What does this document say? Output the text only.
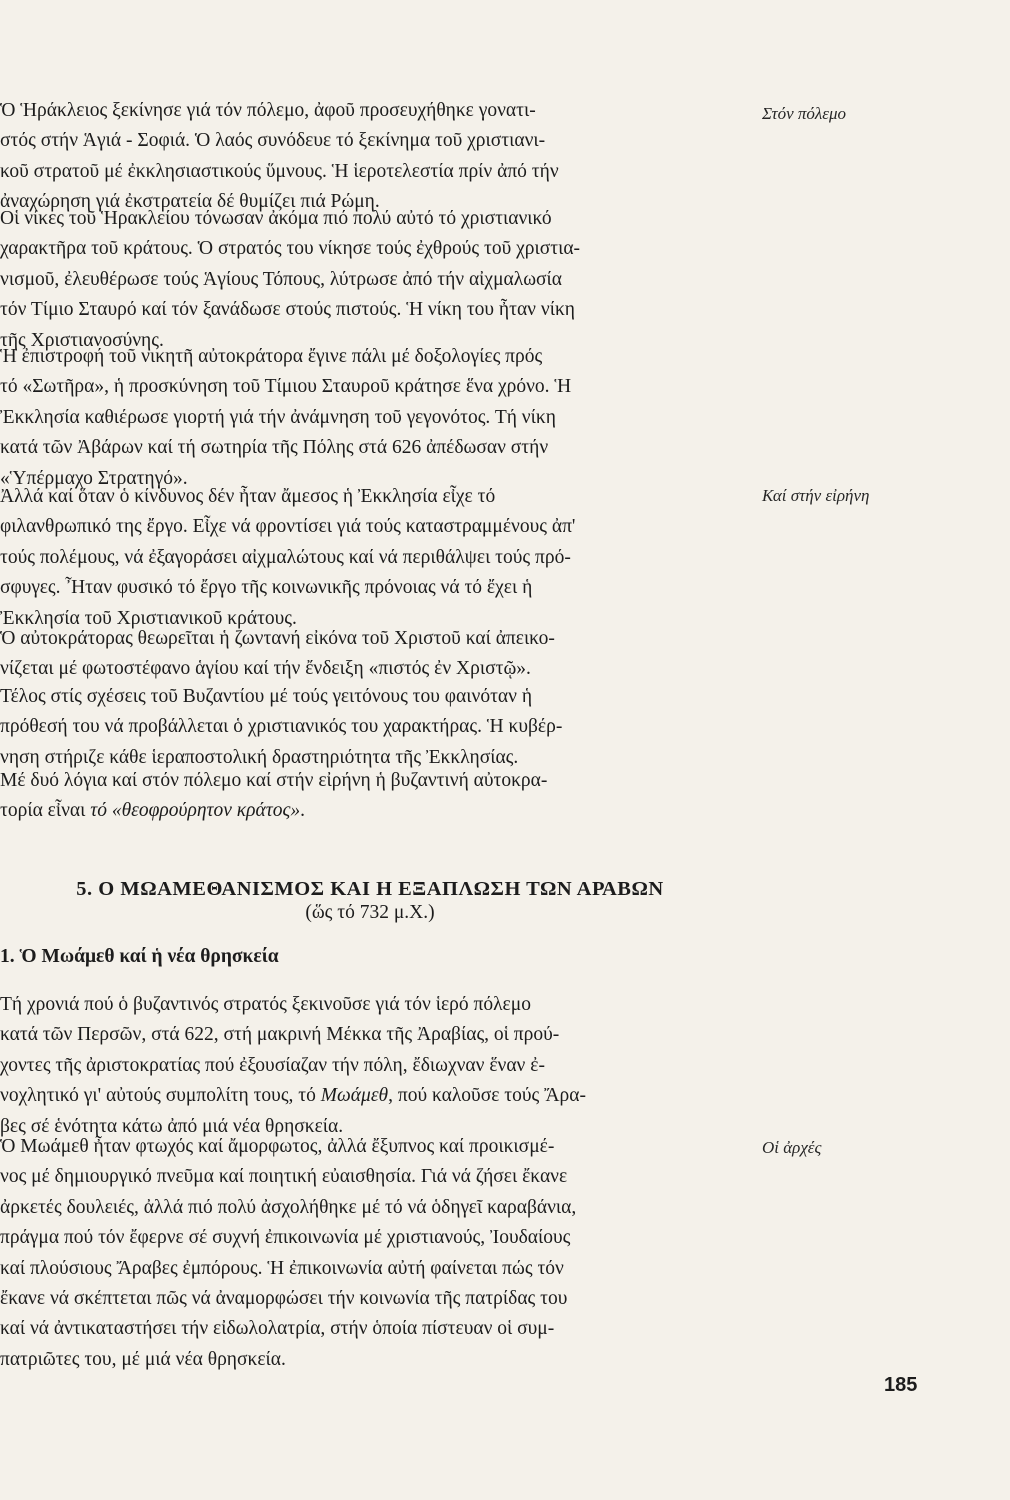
Ὁ Ἡράκλειος ξεκίνησε γιά τόν πόλεμο, ἀφοῦ προσευχήθηκε γονατι-
στός στήν Ἁγιά - Σοφιά. Ὁ λαός συνόδευε τό ξεκίνημα τοῦ χριστιανι-
κοῦ στρατοῦ μέ ἐκκλησιαστικούς ὕμνους. Ἡ ἱεροτελεστία πρίν ἀπό τήν
ἀναχώρηση γιά ἐκστρατεία δέ θυμίζει πιά Ρώμη.

Στόν πόλεμο

Οἱ νίκες τοῦ Ἡρακλείου τόνωσαν ἀκόμα πιό πολύ αὐτό τό χριστιανικό
χαρακτῆρα τοῦ κράτους. Ὁ στρατός του νίκησε τούς ἐχθρούς τοῦ χριστια-
νισμοῦ, ἐλευθέρωσε τούς Ἁγίους Τόπους, λύτρωσε ἀπό τήν αἰχμαλωσία
τόν Τίμιο Σταυρό καί τόν ξανάδωσε στούς πιστούς. Ἡ νίκη του ἦταν νίκη
τῆς Χριστιανοσύνης.

Ἡ ἐπιστροφή τοῦ νικητῆ αὐτοκράτορα ἔγινε πάλι μέ δοξολογίες πρός
τό «Σωτῆρα», ἡ προσκύνηση τοῦ Τίμιου Σταυροῦ κράτησε ἕνα χρόνο. Ἡ
Ἐκκλησία καθιέρωσε γιορτή γιά τήν ἀνάμνηση τοῦ γεγονότος. Τή νίκη
κατά τῶν Ἀβάρων καί τή σωτηρία τῆς Πόλης στά 626 ἀπέδωσαν στήν
«Ὑπέρμαχο Στρατηγό».

Ἀλλά καί ὅταν ὁ κίνδυνος δέν ἦταν ἄμεσος ἡ Ἐκκλησία εἶχε τό
φιλανθρωπικό της ἔργο. Εἶχε νά φροντίσει γιά τούς καταστραμμένους ἀπ'
τούς πολέμους, νά ἐξαγοράσει αἰχμαλώτους καί νά περιθάλψει τούς πρό-
σφυγες. Ἦταν φυσικό τό ἔργο τῆς κοινωνικῆς πρόνοιας νά τό ἔχει ἡ
Ἐκκλησία τοῦ Χριστιανικοῦ κράτους.

Καί στήν εἰρήνη

Ὁ αὐτοκράτορας θεωρεῖται ἡ ζωντανή εἰκόνα τοῦ Χριστοῦ καί ἀπεικο-
νίζεται μέ φωτοστέφανο ἁγίου καί τήν ἔνδειξη «πιστός ἐν Χριστῷ».

Τέλος στίς σχέσεις τοῦ Βυζαντίου μέ τούς γειτόνους του φαινόταν ἡ
πρόθεσή του νά προβάλλεται ὁ χριστιανικός του χαρακτήρας. Ἡ κυβέρ-
νηση στήριζε κάθε ἱεραποστολική δραστηριότητα τῆς Ἐκκλησίας.

Μέ δυό λόγια καί στόν πόλεμο καί στήν εἰρήνη ἡ βυζαντινή αὐτοκρα-
τορία εἶναι τό «θεοφρούρητον κράτος».

5. Ο ΜΩΑΜΕΘΑΝΙΣΜΟΣ ΚΑΙ Η ΕΞΑΠΛΩΣΗ ΤΩΝ ΑΡΑΒΩΝ

(ὥς τό 732 μ.Χ.)

1. Ὁ Μωάμεθ καί ἡ νέα θρησκεία

Τή χρονιά πού ὁ βυζαντινός στρατός ξεκινοῦσε γιά τόν ἱερό πόλεμο
κατά τῶν Περσῶν, στά 622, στή μακρινή Μέκκα τῆς Ἀραβίας, οἱ πρού-
χοντες τῆς ἀριστοκρατίας πού ἐξουσίαζαν τήν πόλη, ἔδιωχναν ἕναν ἐ-
νοχλητικό γι' αὐτούς συμπολίτη τους, τό Μωάμεθ, πού καλοῦσε τούς Ἄρα-
βες σέ ἑνότητα κάτω ἀπό μιά νέα θρησκεία.

Ὁ Μωάμεθ ἦταν φτωχός καί ἄμορφωτος, ἀλλά ἔξυπνος καί προικισμέ-
νος μέ δημιουργικό πνεῦμα καί ποιητική εὐαισθησία. Γιά νά ζήσει ἔκανε
ἀρκετές δουλειές, ἀλλά πιό πολύ ἀσχολήθηκε μέ τό νά ὁδηγεῖ καραβάνια,
πράγμα πού τόν ἔφερνε σέ συχνή ἐπικοινωνία μέ χριστιανούς, Ἰουδαίους
καί πλούσιους Ἄραβες ἐμπόρους. Ἡ ἐπικοινωνία αὐτή φαίνεται πώς τόν
ἔκανε νά σκέπτεται πῶς νά ἀναμορφώσει τήν κοινωνία τῆς πατρίδας του
καί νά ἀντικαταστήσει τήν εἰδωλολατρία, στήν ὁποία πίστευαν οἱ συμ-
πατριῶτες του, μέ μιά νέα θρησκεία.

Οἱ ἀρχές

185
